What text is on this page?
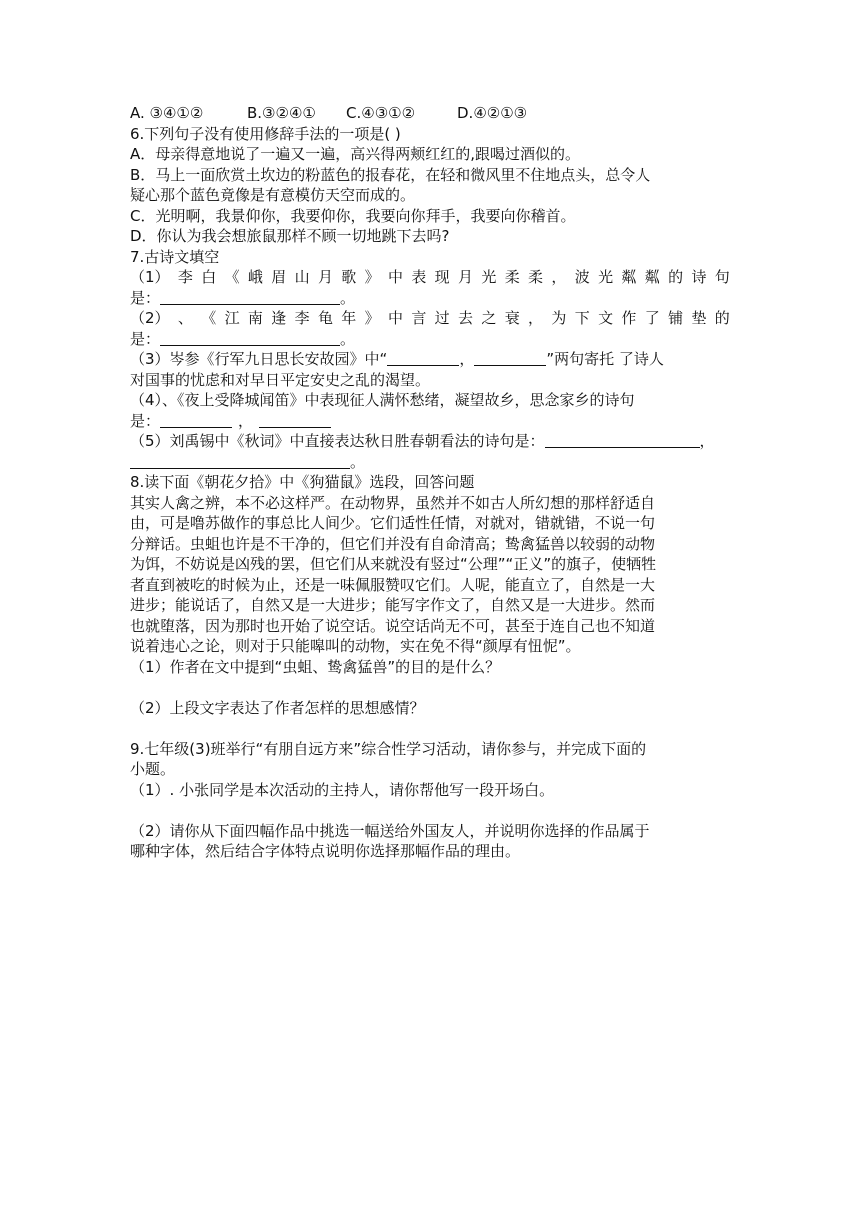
A. ③④①②	B.③②④① C.④③①②	D.④②①③
6.下列句子没有使用修辞手法的一项是( )
A．母亲得意地说了一遍又一遍，高兴得两颊红红的,跟喝过酒似的。
B．马上一面欣赏土坎边的粉蓝色的报春花，在轻和微风里不住地点头，总令人
疑心那个蓝色竟像是有意模仿天空而成的。
C．光明啊，我景仰你，我要仰你，我要向你拜手，我要向你稽首。
D．你认为我会想旅鼠那样不顾一切地跳下去吗?
7.古诗文填空
（1） 李 白 《 峨 眉 山 月 歌 》 中 表 现 月 光 柔 柔 ， 波 光 粼 粼 的 诗 句
是：	。
（2） 、 《 江 南 逢 李 龟 年 》 中 言 过 去 之 衰 ， 为 下 文 作 了 铺 垫 的
是：	。
（3）岑参《行军九日思长安故园》中“	，	”两句寄托 了诗人
对国事的忧虑和对早日平定安史之乱的渴望。
（4）、《夜上受降城闻笛》中表现征人满怀愁绪，凝望故乡，思念家乡的诗句
是：	，
（5）刘禹锡中《秋词》中直接表达秋日胜春朝看法的诗句是：	，
。
8.读下面《朝花夕拾》中《狗猫鼠》选段，回答问题
其实人禽之辨，本不必这样严。在动物界，虽然并不如古人所幻想的那样舒适自
由，可是噜苏做作的事总比人间少。它们适性任情，对就对，错就错，不说一句
分辩话。虫蛆也许是不干净的，但它们并没有自命清高；鸷禽猛兽以较弱的动物
为饵，不妨说是凶残的罢，但它们从来就没有竖过“公理”“正义”的旗子，使牺牲
者直到被吃的时候为止，还是一味佩服赞叹它们。人呢，能直立了，自然是一大
进步；能说话了，自然又是一大进步；能写字作文了，自然又是一大进步。然而
也就堕落，因为那时也开始了说空话。说空话尚无不可，甚至于连自己也不知道
说着违心之论，则对于只能嗥叫的动物，实在免不得“颜厚有忸怩”。
（1）作者在文中提到“虫蛆、鸷禽猛兽”的目的是什么？
（2）上段文字表达了作者怎样的思想感情？
9.七年级(3)班举行“有朋自远方来”综合性学习活动，请你参与，并完成下面的
小题。
（1）. 小张同学是本次活动的主持人，请你帮他写一段开场白。
（2）请你从下面四幅作品中挑选一幅送给外国友人，并说明你选择的作品属于
哪种字体，然后结合字体特点说明你选择那幅作品的理由。
